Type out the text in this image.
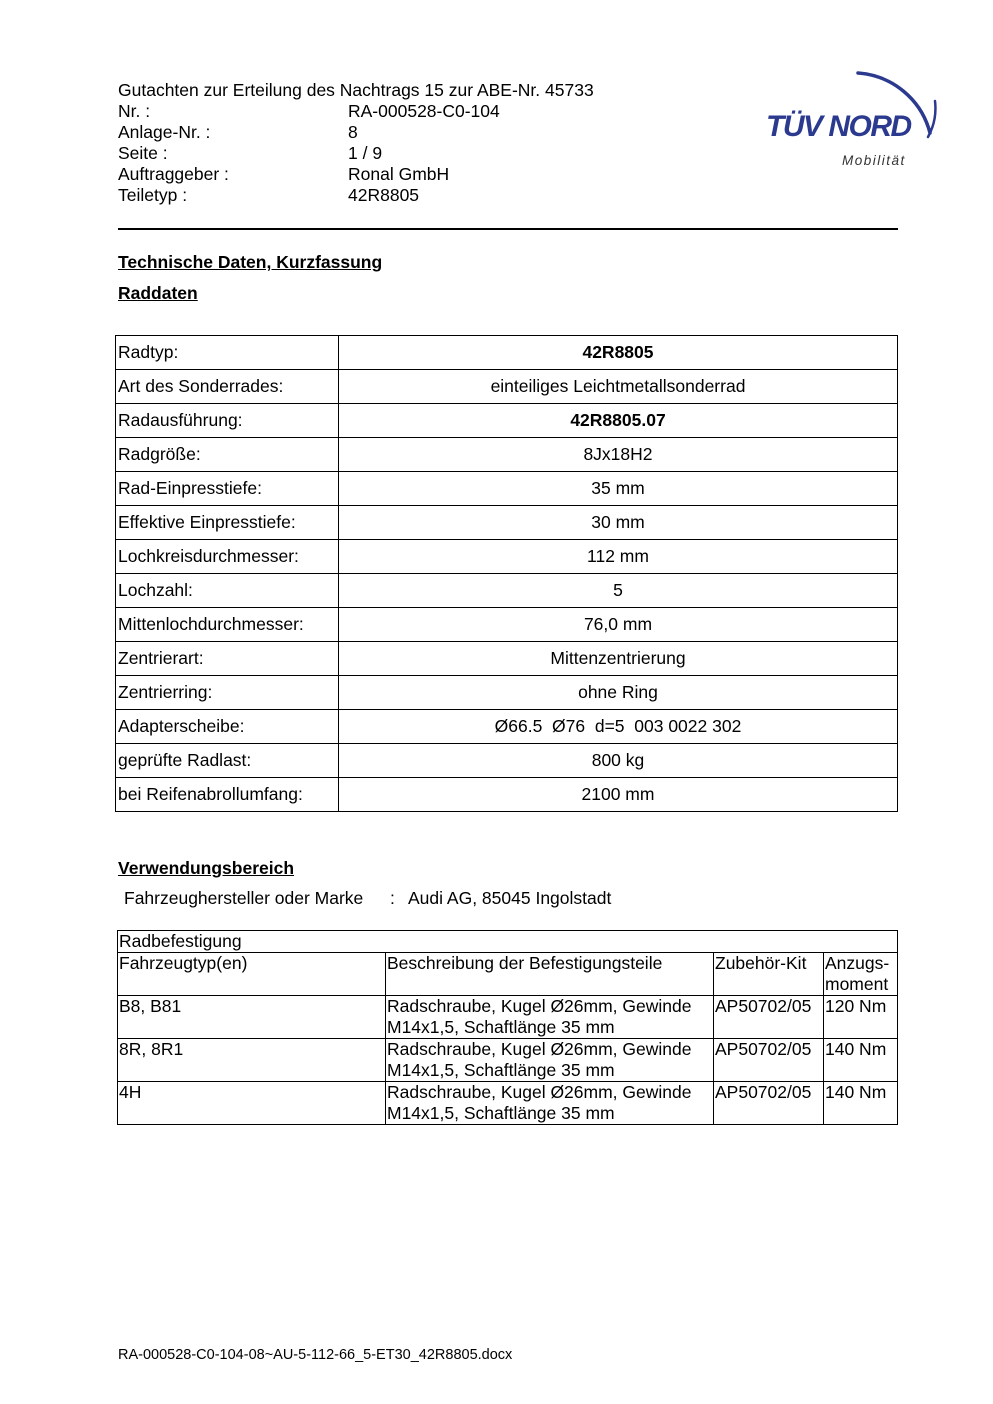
Gutachten zur Erteilung des Nachtrags 15 zur ABE-Nr. 45733
Nr. :	RA-000528-C0-104
Anlage-Nr. :	8
Seite :	1 / 9
Auftraggeber :	Ronal GmbH
Teiletyp :	42R8805
TÜV NORD
Mobilität
Technische Daten, Kurzfassung
Raddaten
Radtyp:	42R8805
Art des Sonderrades:	einteiliges Leichtmetallsonderrad
Radausführung:	42R8805.07
Radgröße:	8Jx18H2
Rad-Einpresstiefe:	35 mm
Effektive Einpresstiefe:	30 mm
Lochkreisdurchmesser:	112 mm
Lochzahl:	5
Mittenlochdurchmesser:	76,0 mm
Zentrierart:	Mittenzentrierung
Zentrierring:	ohne Ring
Adapterscheibe:	Ø66.5  Ø76  d=5  003 0022 302
geprüfte Radlast:	800 kg
bei Reifenabrollumfang:	2100 mm
Verwendungsbereich
Fahrzeughersteller oder Marke : Audi AG, 85045 Ingolstadt
Radbefestigung			
Fahrzeugtyp(en)	Beschreibung der Befestigungsteile	Zubehör-Kit	Anzugs-
moment

B8, B81	Radschraube, Kugel Ø26mm, Gewinde
M14x1,5, Schaftlänge 35 mm	AP50702/05	120 Nm
8R, 8R1	Radschraube, Kugel Ø26mm, Gewinde
M14x1,5, Schaftlänge 35 mm	AP50702/05	140 Nm
4H	Radschraube, Kugel Ø26mm, Gewinde
M14x1,5, Schaftlänge 35 mm	AP50702/05	140 Nm
RA-000528-C0-104-08~AU-5-112-66_5-ET30_42R8805.docx
